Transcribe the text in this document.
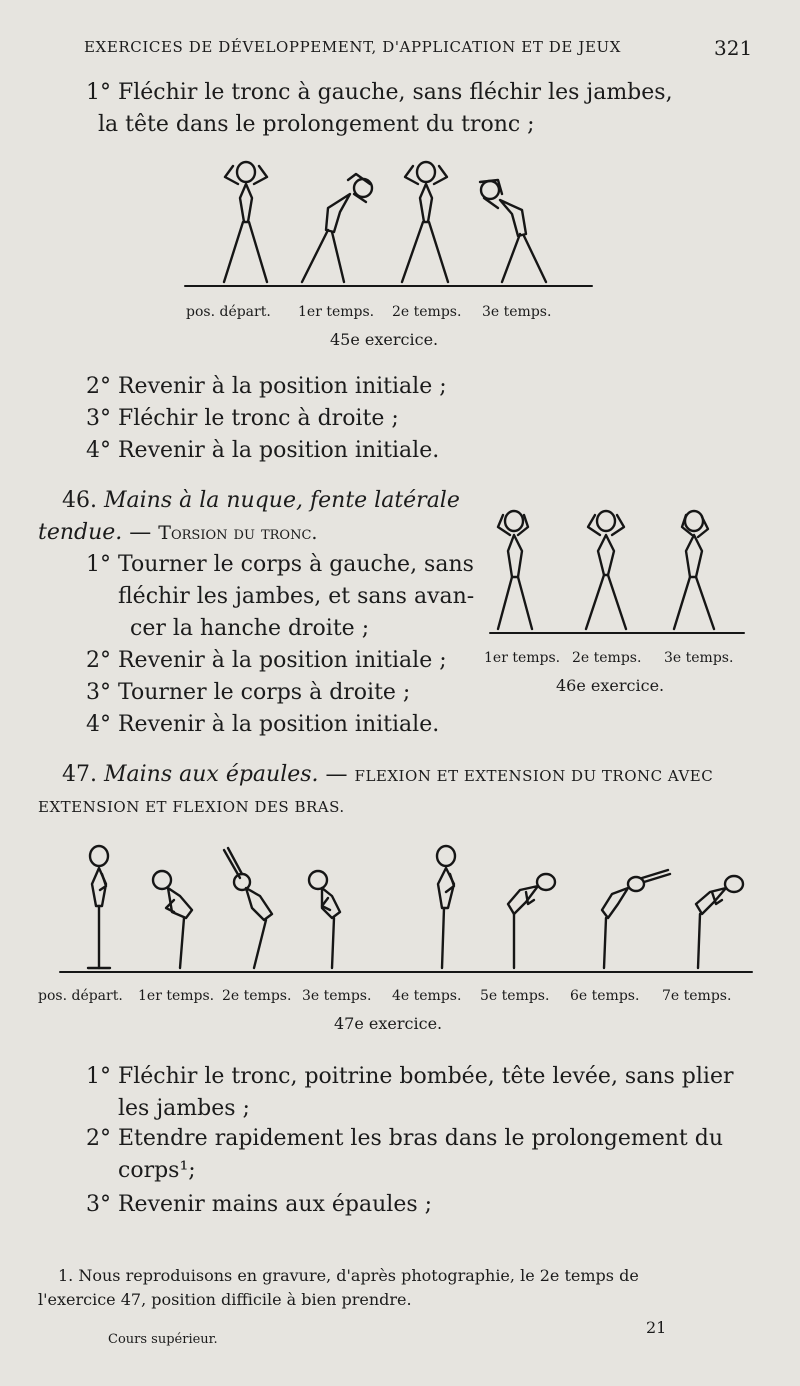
EXERCICES DE DÉVELOPPEMENT, D'APPLICATION ET DE JEUX	321
1° Fléchir le tronc à gauche, sans fléchir les jambes,
la tête dans le prolongement du tronc ;
pos. départ. 1er temps. 2e temps. 3e temps.
45e exercice.
2° Revenir à la position initiale ;
3° Fléchir le tronc à droite ;
4° Revenir à la position initiale.
46. Mains à la nuque, fente latérale
tendue. — Torsion du tronc.
1° Tourner le corps à gauche, sans
fléchir les jambes, et sans avan-
cer la hanche droite ;
2° Revenir à la position initiale ;
3° Tourner le corps à droite ;
4° Revenir à la position initiale.
1er temps. 2e temps. 3e temps.
46e exercice.
47. Mains aux épaules. — FLEXION ET EXTENSION DU TRONC AVEC
EXTENSION ET FLEXION DES BRAS.
pos. départ. 1er temps. 2e temps. 3e temps. 4e temps. 5e temps. 6e temps. 7e temps.
47e exercice.
1° Fléchir le tronc, poitrine bombée, tête levée, sans plier
les jambes ;
2° Etendre rapidement les bras dans le prolongement du
corps¹;
3° Revenir mains aux épaules ;
1. Nous reproduisons en gravure, d'après photographie, le 2e temps de
l'exercice 47, position difficile à bien prendre.
Cours supérieur.
21
